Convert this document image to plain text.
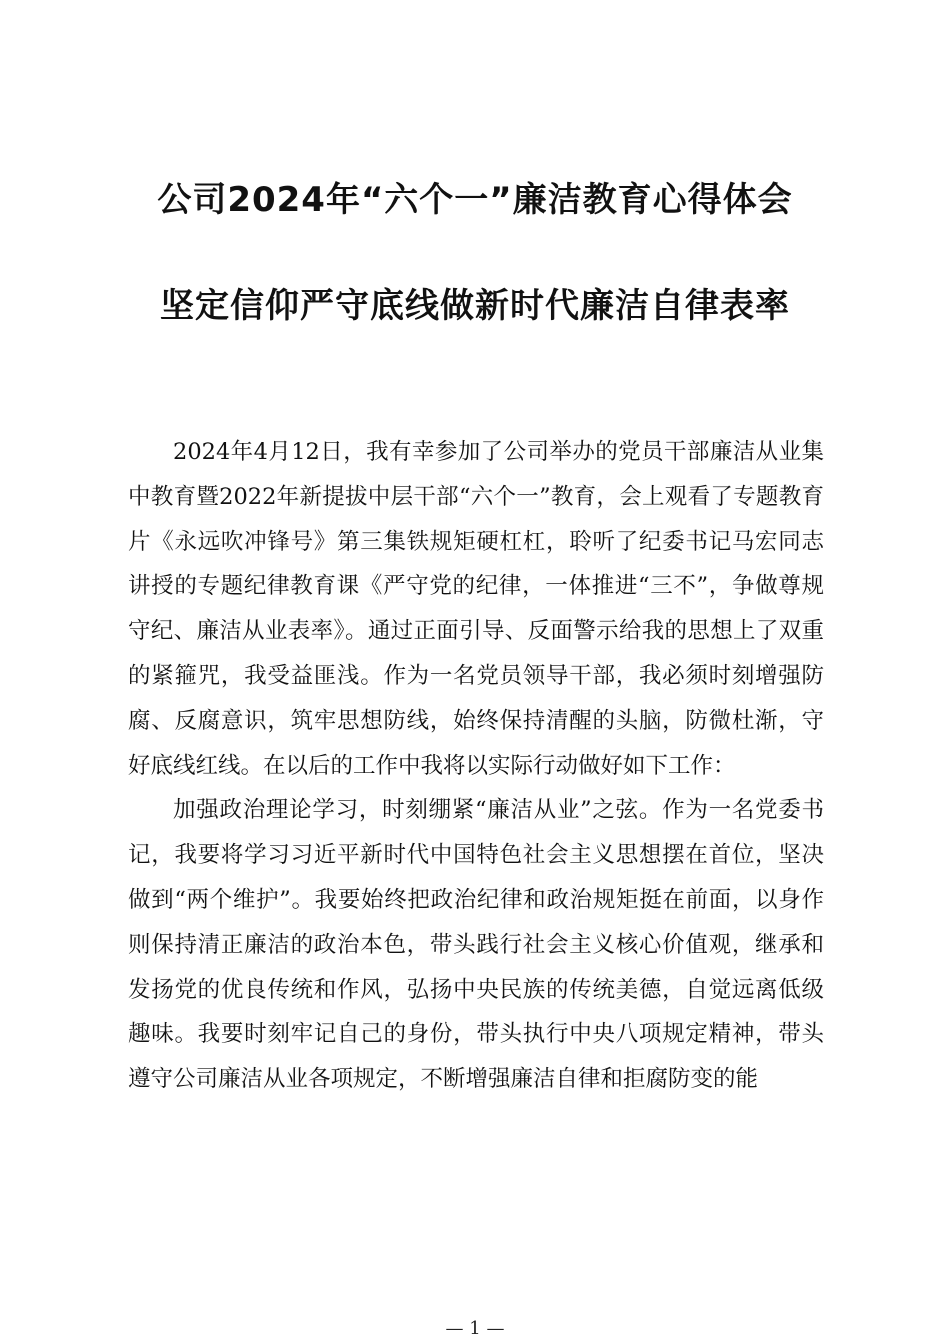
公司2024年“六个一”廉洁教育心得体会
坚定信仰严守底线做新时代廉洁自律表率

2024年4月12日，我有幸参加了公司举办的党员干部廉洁从业集中教育暨2022年新提拔中层干部“六个一”教育，会上观看了专题教育片《永远吹冲锋号》第三集铁规矩硬杠杠，聆听了纪委书记马宏同志讲授的专题纪律教育课《严守党的纪律，一体推进“三不”，争做尊规守纪、廉洁从业表率》。通过正面引导、反面警示给我的思想上了双重的紧箍咒，我受益匪浅。作为一名党员领导干部，我必须时刻增强防腐、反腐意识，筑牢思想防线，始终保持清醒的头脑，防微杜渐，守好底线红线。在以后的工作中我将以实际行动做好如下工作：

加强政治理论学习，时刻绷紧“廉洁从业”之弦。作为一名党委书记，我要将学习习近平新时代中国特色社会主义思想摆在首位，坚决做到“两个维护”。我要始终把政治纪律和政治规矩挺在前面，以身作则保持清正廉洁的政治本色，带头践行社会主义核心价值观，继承和发扬党的优良传统和作风，弘扬中央民族的传统美德，自觉远离低级趣味。我要时刻牢记自己的身份，带头执行中央八项规定精神，带头遵守公司廉洁从业各项规定，不断增强廉洁自律和拒腐防变的能

— 1 —
